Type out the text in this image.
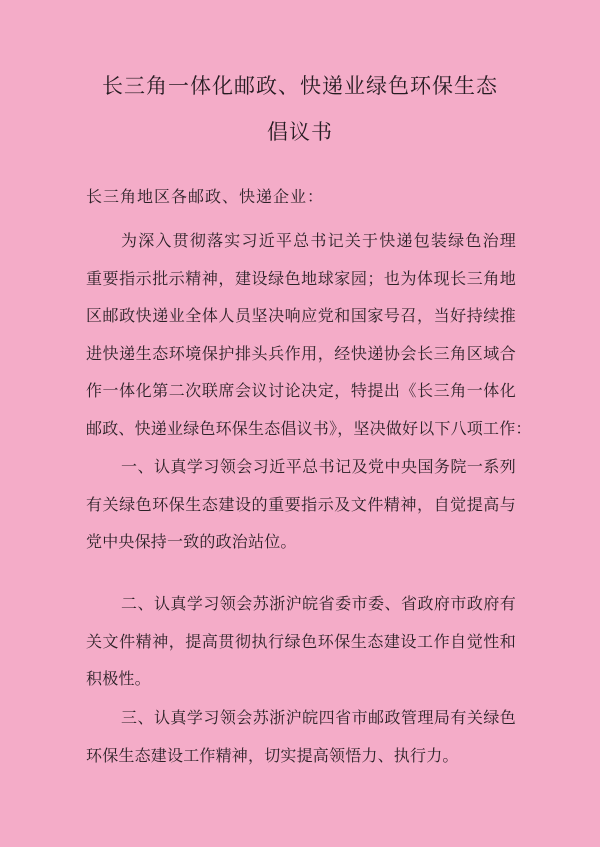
长三角一体化邮政、快递业绿色环保生态
倡议书
长三角地区各邮政、快递企业：
为深入贯彻落实习近平总书记关于快递包装绿色治理
重要指示批示精神，建设绿色地球家园；也为体现长三角地
区邮政快递业全体人员坚决响应党和国家号召，当好持续推
进快递生态环境保护排头兵作用，经快递协会长三角区域合
作一体化第二次联席会议讨论决定，特提出《长三角一体化
邮政、快递业绿色环保生态倡议书》，坚决做好以下八项工作：
一、认真学习领会习近平总书记及党中央国务院一系列
有关绿色环保生态建设的重要指示及文件精神，自觉提高与
党中央保持一致的政治站位。
二、认真学习领会苏浙沪皖省委市委、省政府市政府有
关文件精神，提高贯彻执行绿色环保生态建设工作自觉性和
积极性。
三、认真学习领会苏浙沪皖四省市邮政管理局有关绿色
环保生态建设工作精神，切实提高领悟力、执行力。
